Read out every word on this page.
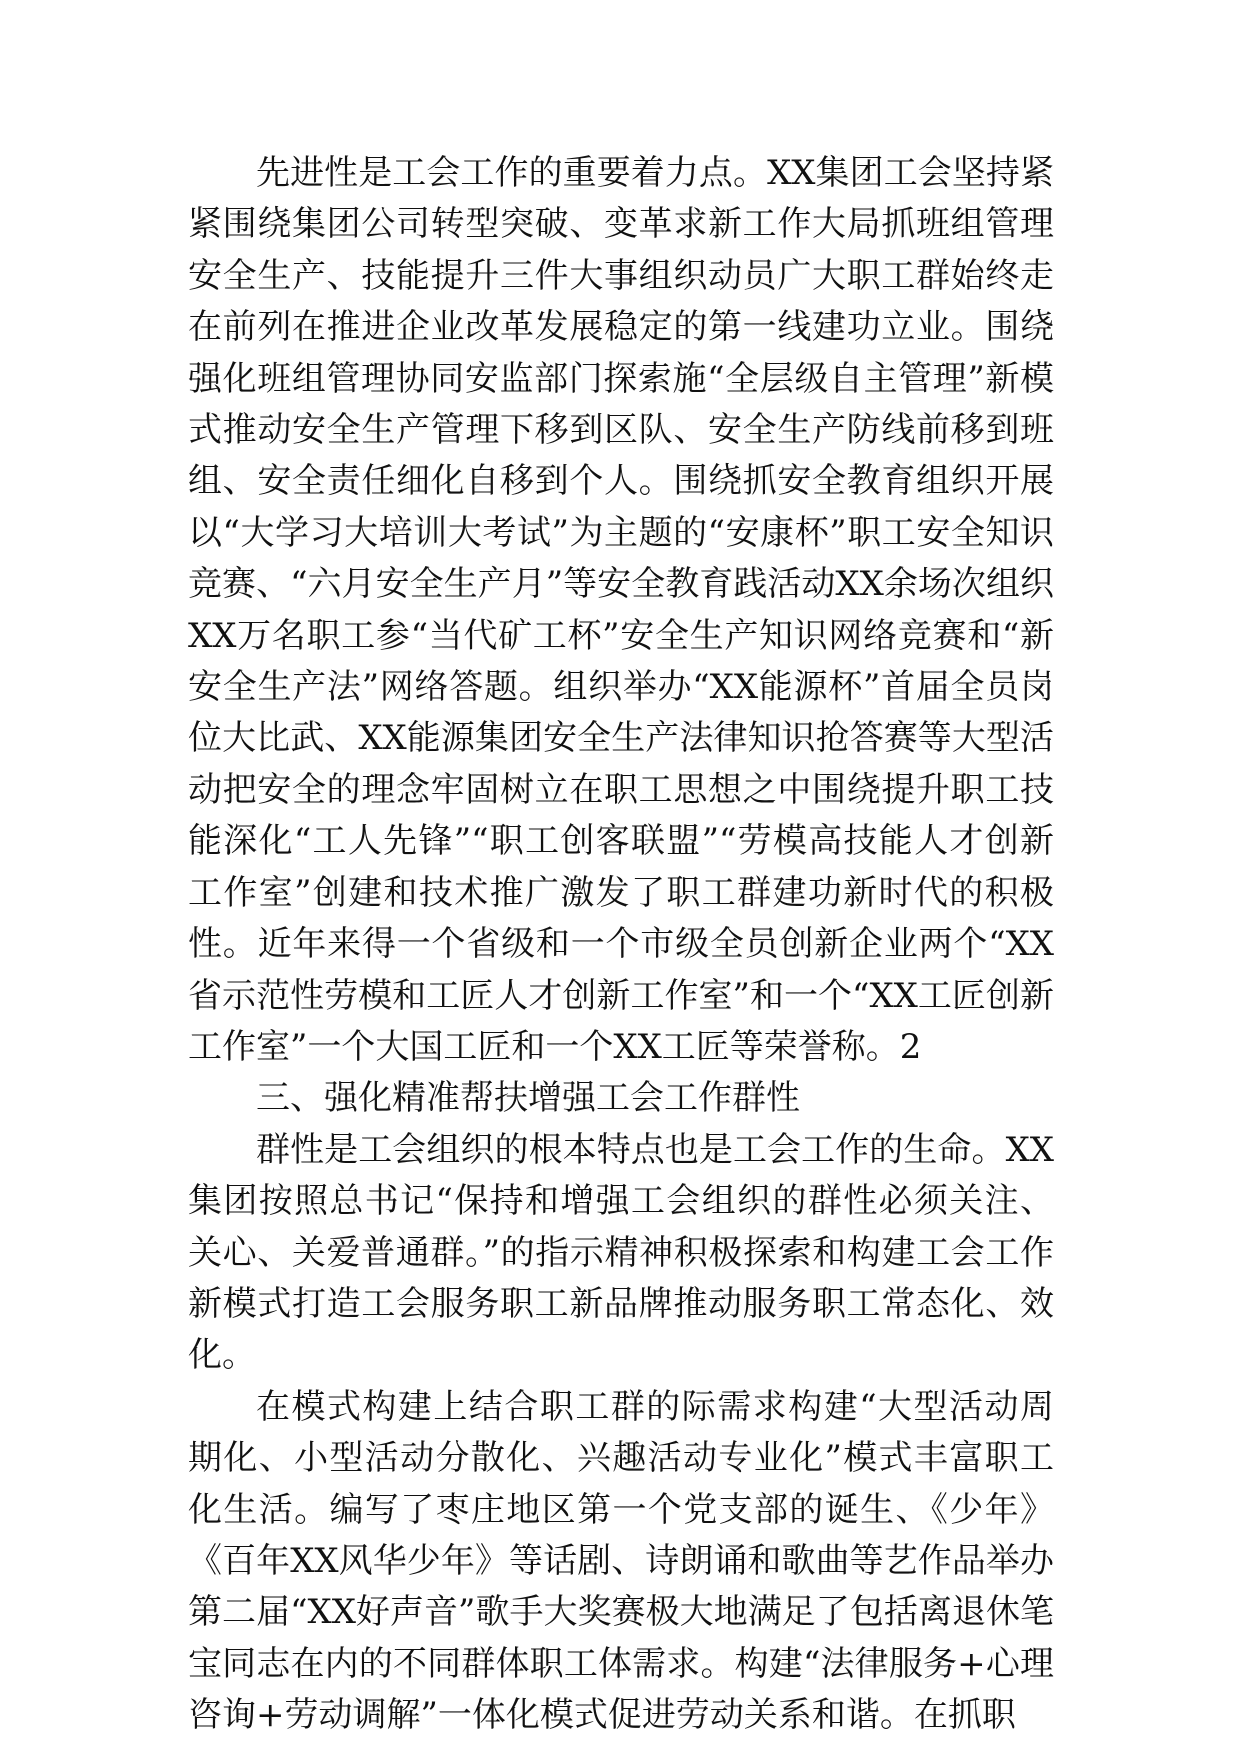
先进性是工会工作的重要着力点。XX集团工会坚持紧紧围绕集团公司转型突破、变革求新工作大局抓班组管理安全生产、技能提升三件大事组织动员广大职工群始终走在前列在推进企业改革发展稳定的第一线建功立业。围绕强化班组管理协同安监部门探索施“全层级自主管理”新模式推动安全生产管理下移到区队、安全生产防线前移到班组、安全责任细化自移到个人。围绕抓安全教育组织开展以“大学习大培训大考试”为主题的“安康杯”职工安全知识竞赛、“六月安全生产月”等安全教育践活动XX余场次组织XX万名职工参“当代矿工杯”安全生产知识网络竞赛和“新安全生产法”网络答题。组织举办“XX能源杯”首届全员岗位大比武、XX能源集团安全生产法律知识抢答赛等大型活动把安全的理念牢固树立在职工思想之中围绕提升职工技能深化“工人先锋”“职工创客联盟”“劳模高技能人才创新工作室”创建和技术推广激发了职工群建功新时代的积极性。近年来得一个省级和一个市级全员创新企业两个“XX省示范性劳模和工匠人才创新工作室”和一个“XX工匠创新工作室”一个大国工匠和一个XX工匠等荣誉称。2

三、强化精准帮扶增强工会工作群性

群性是工会组织的根本特点也是工会工作的生命。XX集团按照总书记“保持和增强工会组织的群性必须关注、关心、关爱普通群。”的指示精神积极探索和构建工会工作新模式打造工会服务职工新品牌推动服务职工常态化、效化。

在模式构建上结合职工群的际需求构建“大型活动周期化、小型活动分散化、兴趣活动专业化”模式丰富职工化生活。编写了枣庄地区第一个党支部的诞生、《少年》《百年XX风华少年》等话剧、诗朗诵和歌曲等艺作品举办第二届“XX好声音”歌手大奖赛极大地满足了包括离退休笔宝同志在内的不同群体职工体需求。构建“法律服务+心理咨询+劳动调解”一体化模式促进劳动关系和谐。在抓职
